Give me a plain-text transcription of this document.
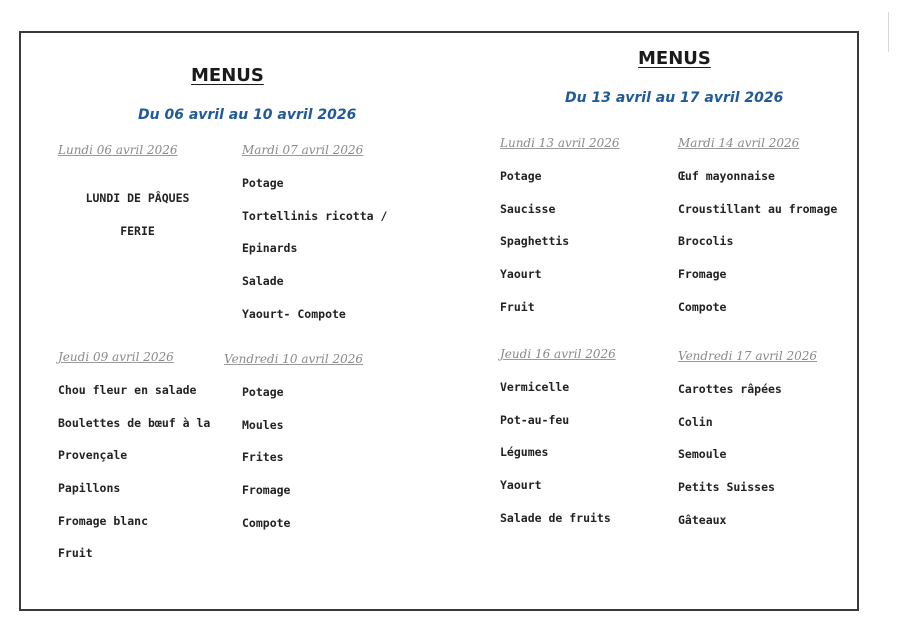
MENUS
Du 06 avril au 10 avril 2026
Lundi 06 avril 2026
LUNDI DE PÂQUES
FERIE
Mardi 07 avril 2026
Potage
Tortellinis ricotta /
Epinards
Salade
Yaourt- Compote
Jeudi 09 avril 2026
Chou fleur en salade
Boulettes de bœuf à la
Provençale
Papillons
Fromage blanc
Fruit
Vendredi 10 avril 2026
Potage
Moules
Frites
Fromage
Compote
MENUS
Du 13 avril au 17 avril 2026
Lundi 13 avril 2026
Potage
Saucisse
Spaghettis
Yaourt
Fruit
Mardi 14 avril 2026
Œuf mayonnaise
Croustillant au fromage
Brocolis
Fromage
Compote
Jeudi 16 avril 2026
Vermicelle
Pot-au-feu
Légumes
Yaourt
Salade de fruits
Vendredi 17 avril 2026
Carottes râpées
Colin
Semoule
Petits Suisses
Gâteaux
